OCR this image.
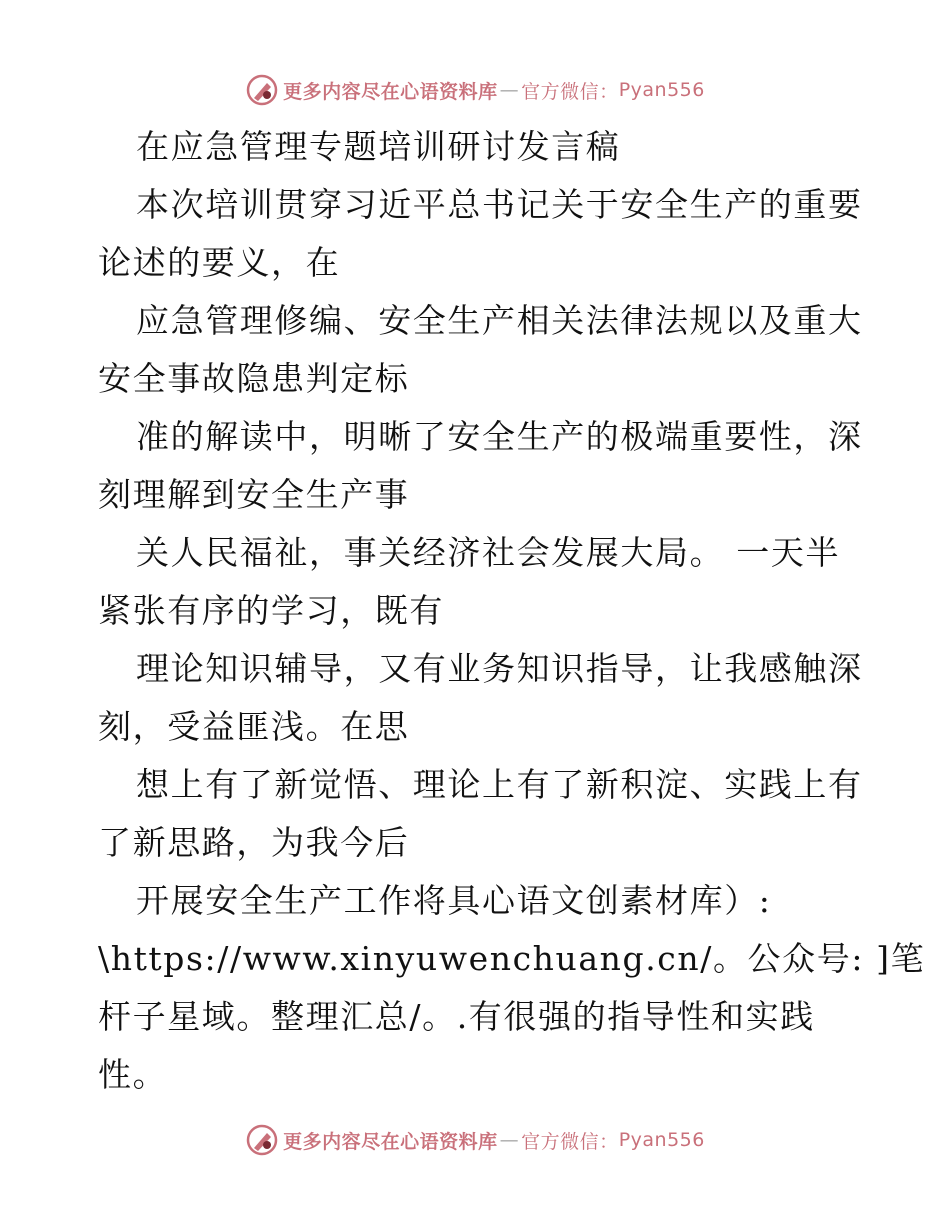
更多内容尽在心语资料库 — 官方微信： Pyan556
在应急管理专题培训研讨发言稿
本次培训贯穿习近平总书记关于安全生产的重要
论述的要义，在
应急管理修编、安全生产相关法律法规以及重大
安全事故隐患判定标
准的解读中，明晰了安全生产的极端重要性，深
刻理解到安全生产事
关人民福祉，事关经济社会发展大局。 一天半
紧张有序的学习，既有
理论知识辅导，又有业务知识指导，让我感触深
刻，受益匪浅。在思
想上有了新觉悟、理论上有了新积淀、实践上有
了新思路，为我今后
开展安全生产工作将具心语文创素材库）:
\https://www.xinyuwenchuang.cn/。公众号: ]笔
杆子星域。整理汇总/。.有很强的指导性和实践
性。
更多内容尽在心语资料库 — 官方微信： Pyan556
